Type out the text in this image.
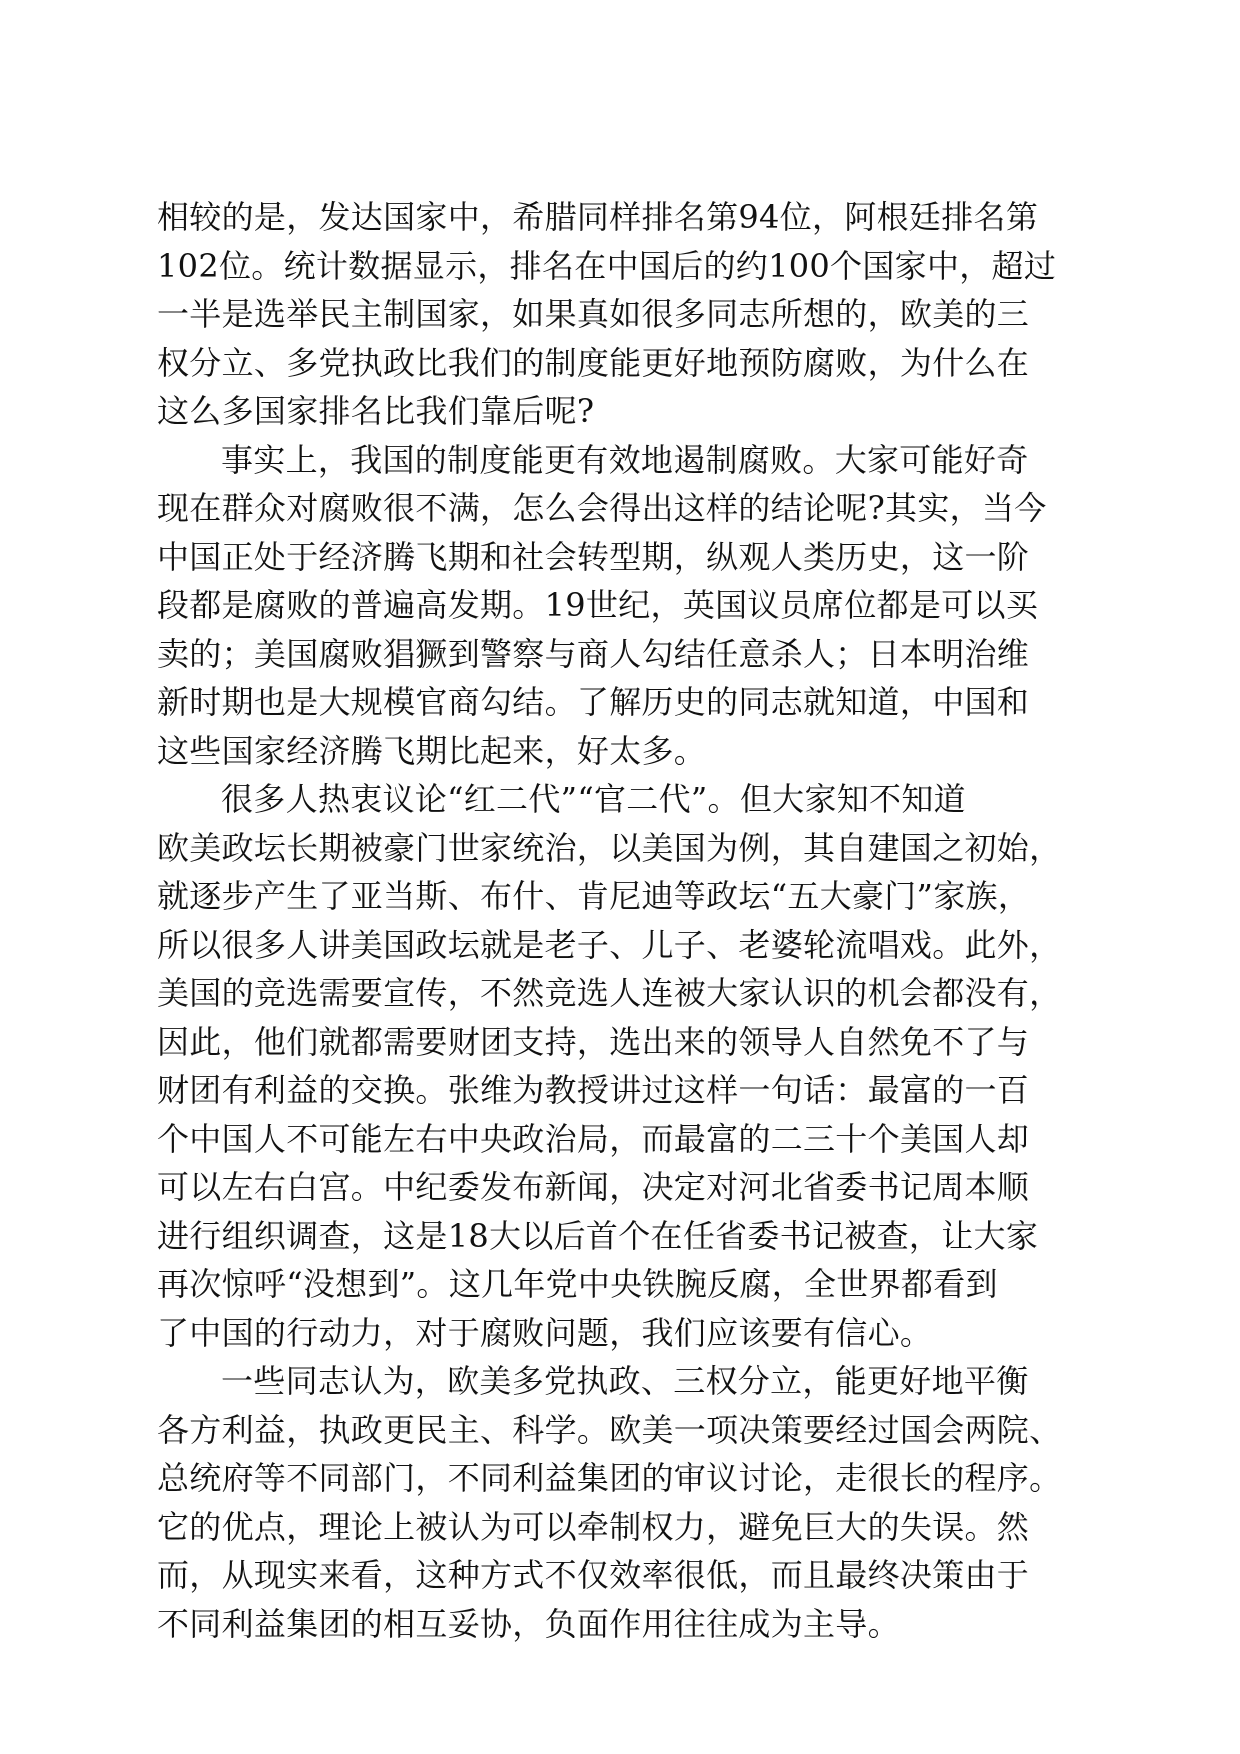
相较的是，发达国家中，希腊同样排名第94位，阿根廷排名第
102位。统计数据显示，排名在中国后的约100个国家中，超过
一半是选举民主制国家，如果真如很多同志所想的，欧美的三
权分立、多党执政比我们的制度能更好地预防腐败，为什么在
这么多国家排名比我们靠后呢?

事实上，我国的制度能更有效地遏制腐败。大家可能好奇
现在群众对腐败很不满，怎么会得出这样的结论呢?其实，当今
中国正处于经济腾飞期和社会转型期，纵观人类历史，这一阶
段都是腐败的普遍高发期。19世纪，英国议员席位都是可以买
卖的；美国腐败猖獗到警察与商人勾结任意杀人；日本明治维
新时期也是大规模官商勾结。了解历史的同志就知道，中国和
这些国家经济腾飞期比起来，好太多。

很多人热衷议论“红二代”“官二代”。但大家知不知道
欧美政坛长期被豪门世家统治，以美国为例，其自建国之初始，
就逐步产生了亚当斯、布什、肯尼迪等政坛“五大豪门”家族，
所以很多人讲美国政坛就是老子、儿子、老婆轮流唱戏。此外，
美国的竞选需要宣传，不然竞选人连被大家认识的机会都没有，
因此，他们就都需要财团支持，选出来的领导人自然免不了与
财团有利益的交换。张维为教授讲过这样一句话：最富的一百
个中国人不可能左右中央政治局，而最富的二三十个美国人却
可以左右白宫。中纪委发布新闻，决定对河北省委书记周本顺
进行组织调查，这是18大以后首个在任省委书记被查，让大家
再次惊呼“没想到”。这几年党中央铁腕反腐，全世界都看到
了中国的行动力，对于腐败问题，我们应该要有信心。

一些同志认为，欧美多党执政、三权分立，能更好地平衡
各方利益，执政更民主、科学。欧美一项决策要经过国会两院、
总统府等不同部门，不同利益集团的审议讨论，走很长的程序。
它的优点，理论上被认为可以牵制权力，避免巨大的失误。然
而，从现实来看，这种方式不仅效率很低，而且最终决策由于
不同利益集团的相互妥协，负面作用往往成为主导。
